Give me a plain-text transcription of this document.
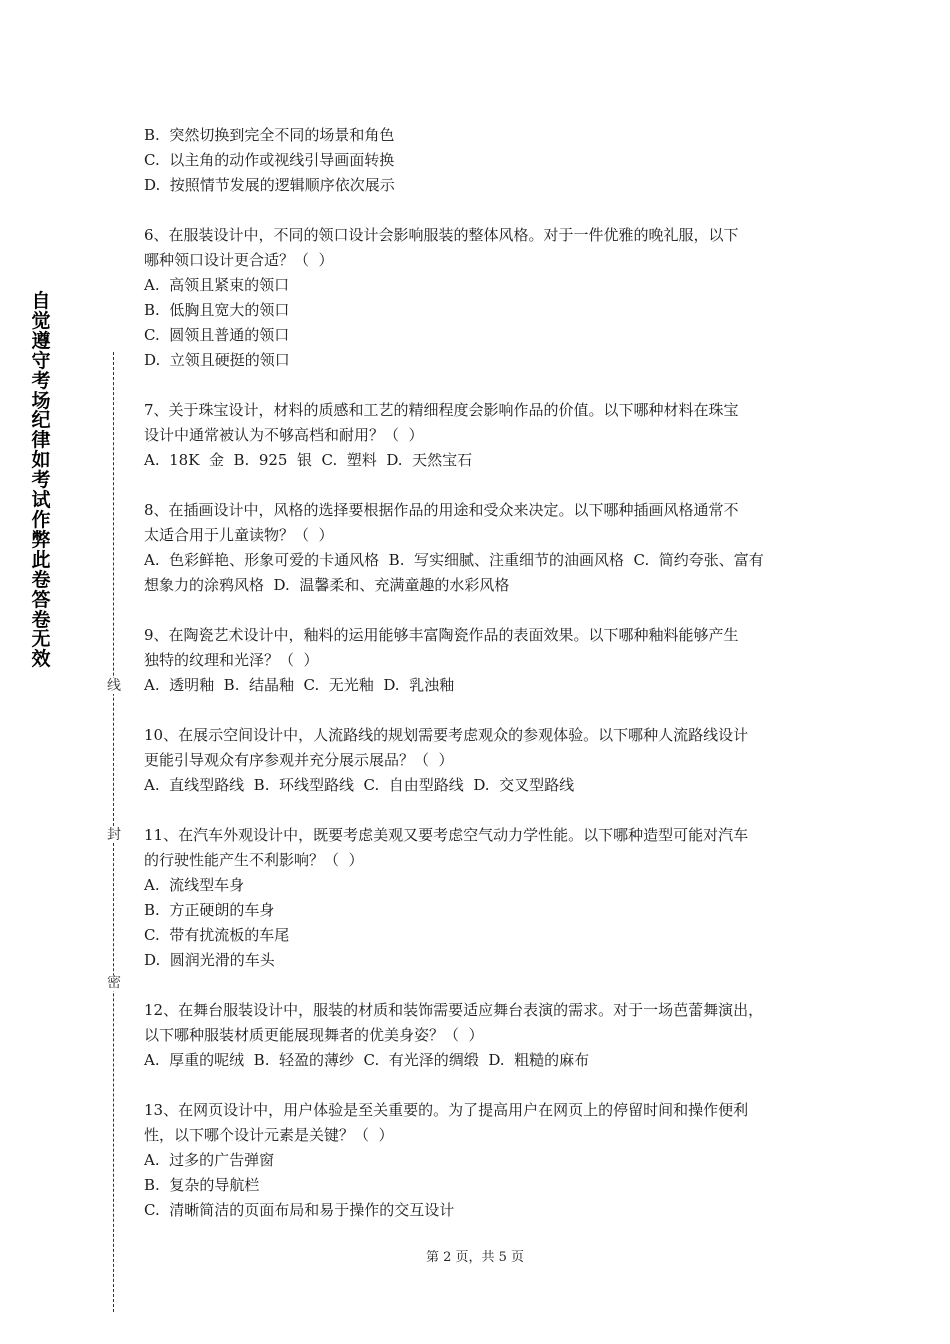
自觉遵守考场纪律如考试作弊此卷答卷无效
线
封
密
B.  突然切换到完全不同的场景和角色
C.  以主角的动作或视线引导画面转换
D.  按照情节发展的逻辑顺序依次展示
6、在服装设计中，不同的领口设计会影响服装的整体风格。对于一件优雅的晚礼服，以下
哪种领口设计更合适？（  ）
A.  高领且紧束的领口
B.  低胸且宽大的领口
C.  圆领且普通的领口
D.  立领且硬挺的领口
7、关于珠宝设计，材料的质感和工艺的精细程度会影响作品的价值。以下哪种材料在珠宝
设计中通常被认为不够高档和耐用？（  ）
A.  18K  金  B.  925  银  C.  塑料  D.  天然宝石
8、在插画设计中，风格的选择要根据作品的用途和受众来决定。以下哪种插画风格通常不
太适合用于儿童读物？（  ）
A.  色彩鲜艳、形象可爱的卡通风格  B.  写实细腻、注重细节的油画风格  C.  简约夸张、富有
想象力的涂鸦风格  D.  温馨柔和、充满童趣的水彩风格
9、在陶瓷艺术设计中，釉料的运用能够丰富陶瓷作品的表面效果。以下哪种釉料能够产生
独特的纹理和光泽？（  ）
A.  透明釉  B.  结晶釉  C.  无光釉  D.  乳浊釉
10、在展示空间设计中，人流路线的规划需要考虑观众的参观体验。以下哪种人流路线设计
更能引导观众有序参观并充分展示展品？（  ）
A.  直线型路线  B.  环线型路线  C.  自由型路线  D.  交叉型路线
11、在汽车外观设计中，既要考虑美观又要考虑空气动力学性能。以下哪种造型可能对汽车
的行驶性能产生不利影响？（  ）
A.  流线型车身
B.  方正硬朗的车身
C.  带有扰流板的车尾
D.  圆润光滑的车头
12、在舞台服装设计中，服装的材质和装饰需要适应舞台表演的需求。对于一场芭蕾舞演出，
以下哪种服装材质更能展现舞者的优美身姿？（  ）
A.  厚重的呢绒  B.  轻盈的薄纱  C.  有光泽的绸缎  D.  粗糙的麻布
13、在网页设计中，用户体验是至关重要的。为了提高用户在网页上的停留时间和操作便利
性，以下哪个设计元素是关键？（  ）
A.  过多的广告弹窗
B.  复杂的导航栏
C.  清晰简洁的页面布局和易于操作的交互设计
第 2 页，共 5 页
